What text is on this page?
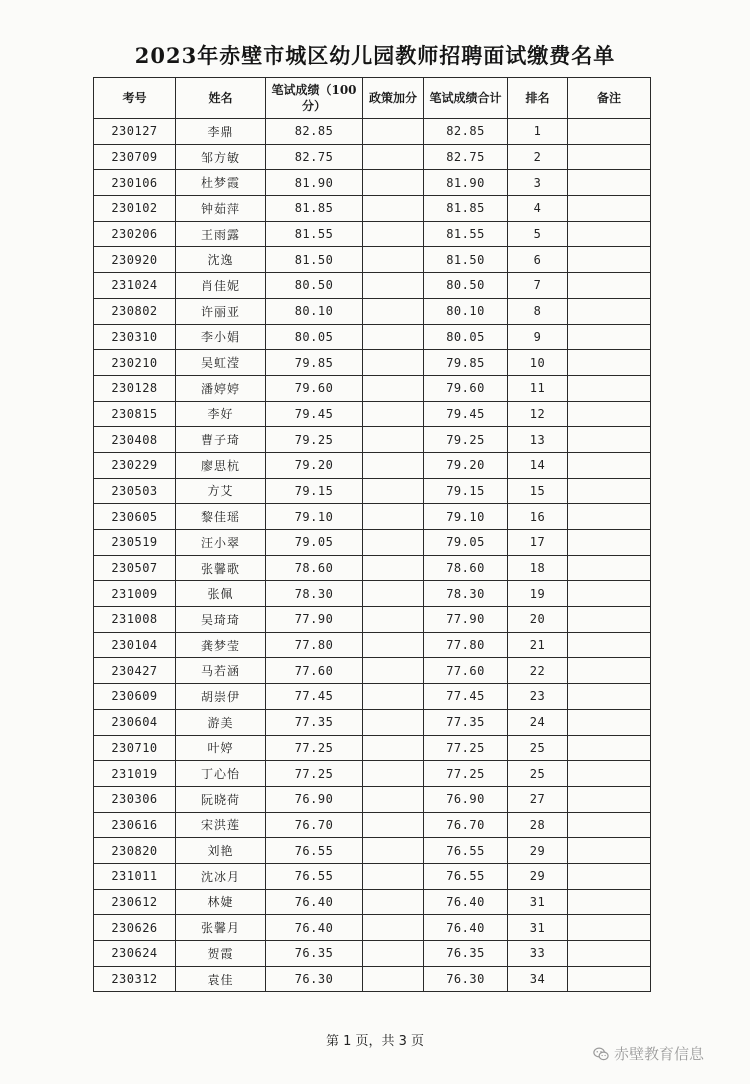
2023年赤壁市城区幼儿园教师招聘面试缴费名单
考号	姓名	笔试成绩（100分）	政策加分	笔试成绩合计	排名	备注
230127	李鼎	82.85		82.85	1	
230709	邹方敏	82.75		82.75	2	
230106	杜梦霞	81.90		81.90	3	
230102	钟茹萍	81.85		81.85	4	
230206	王雨露	81.55		81.55	5	
230920	沈逸	81.50		81.50	6	
231024	肖佳妮	80.50		80.50	7	
230802	许丽亚	80.10		80.10	8	
230310	李小娟	80.05		80.05	9	
230210	吴虹滢	79.85		79.85	10	
230128	潘婷婷	79.60		79.60	11	
230815	李好	79.45		79.45	12	
230408	曹子琦	79.25		79.25	13	
230229	廖思杭	79.20		79.20	14	
230503	方艾	79.15		79.15	15	
230605	黎佳瑶	79.10		79.10	16	
230519	汪小翠	79.05		79.05	17	
230507	张馨歌	78.60		78.60	18	
231009	张佩	78.30		78.30	19	
231008	吴琦琦	77.90		77.90	20	
230104	龚梦莹	77.80		77.80	21	
230427	马若涵	77.60		77.60	22	
230609	胡崇伊	77.45		77.45	23	
230604	游美	77.35		77.35	24	
230710	叶婷	77.25		77.25	25	
231019	丁心怡	77.25		77.25	25	
230306	阮晓荷	76.90		76.90	27	
230616	宋洪莲	76.70		76.70	28	
230820	刘艳	76.55		76.55	29	
231011	沈冰月	76.55		76.55	29	
230612	林婕	76.40		76.40	31	
230626	张馨月	76.40		76.40	31	
230624	贺霞	76.35		76.35	33	
230312	袁佳	76.30		76.30	34	
第 1 页，共 3 页
赤壁教育信息
